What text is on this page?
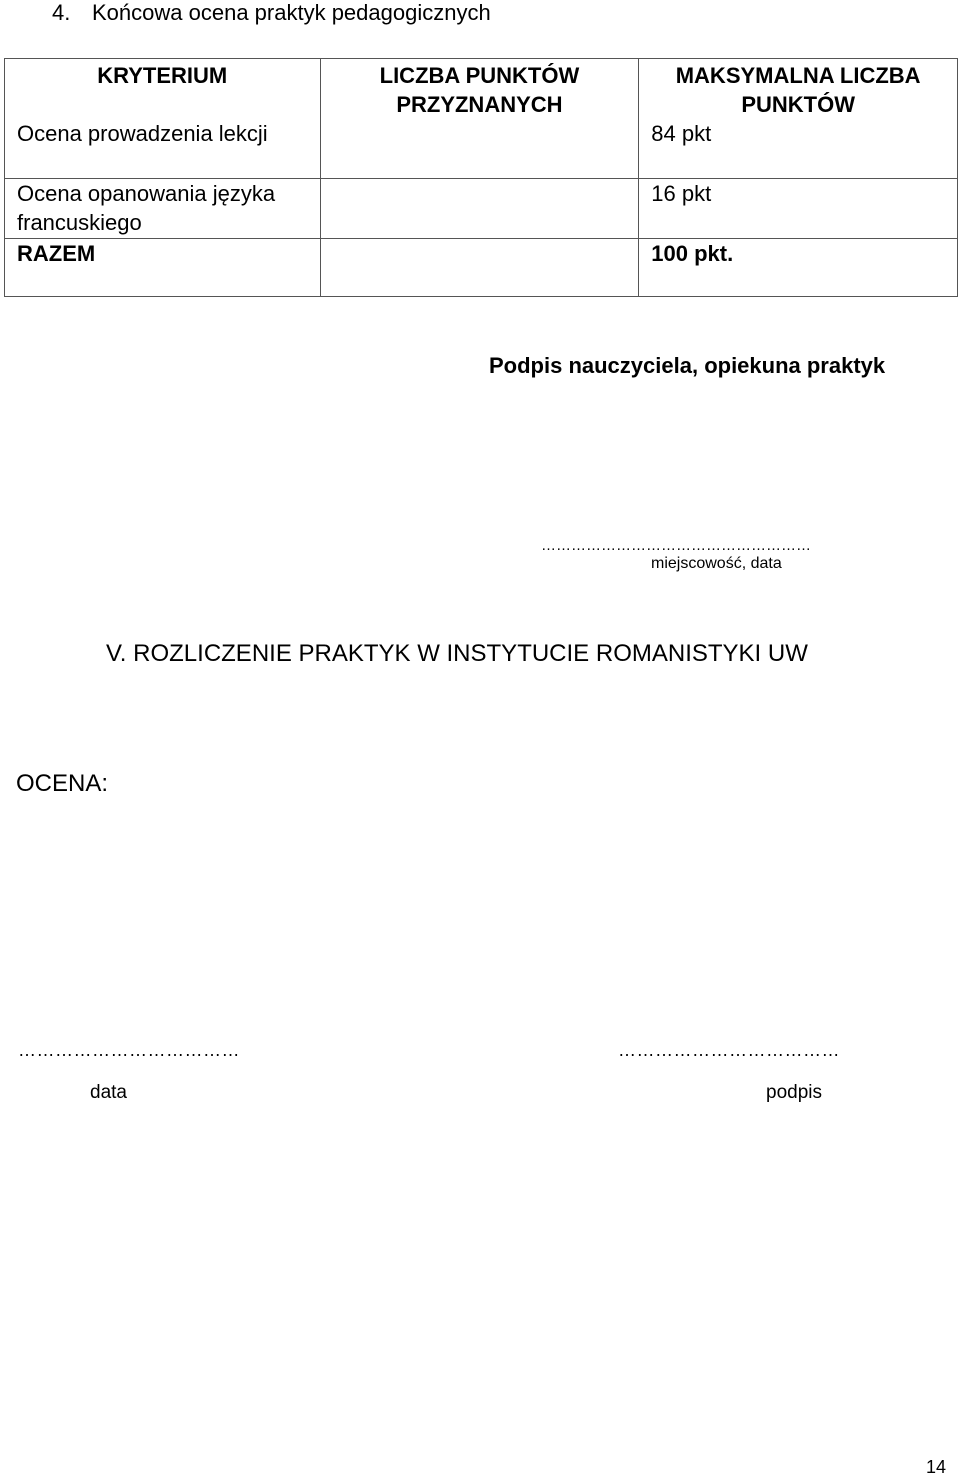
4. Końcowa ocena praktyk pedagogicznych
KRYTERIUM	LICZBA PUNKTÓW PRZYZNANYCH	MAKSYMALNA LICZBA PUNKTÓW
Ocena prowadzenia lekcji		84 pkt
Ocena opanowania języka francuskiego		16 pkt
RAZEM		100 pkt.
Podpis nauczyciela, opiekuna praktyk
………………………………………………
miejscowość, data
V. ROZLICZENIE PRAKTYK W INSTYTUCIE ROMANISTYKI UW
OCENA:
………………………………	………………………………
data	podpis
14
